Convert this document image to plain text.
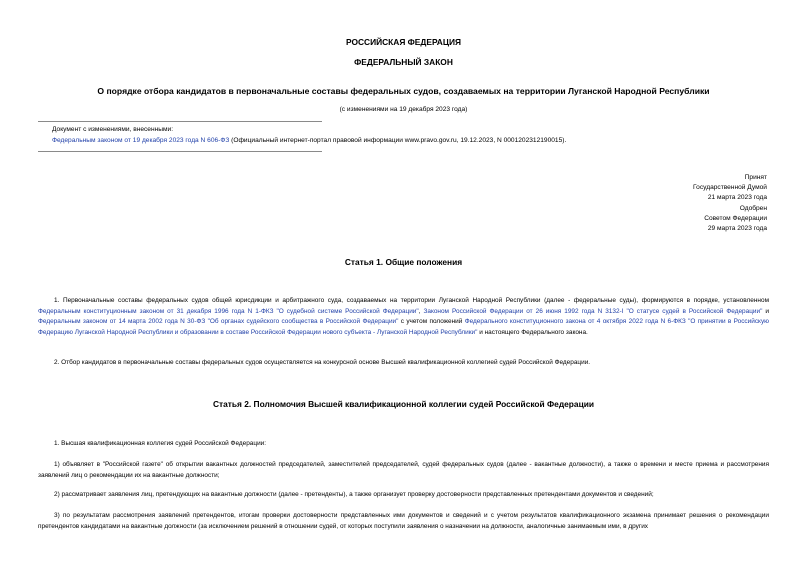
РОССИЙСКАЯ ФЕДЕРАЦИЯ
ФЕДЕРАЛЬНЫЙ ЗАКОН
О порядке отбора кандидатов в первоначальные составы федеральных судов, создаваемых на территории Луганской Народной Республики
(с изменениями на 19 декабря 2023 года)
Документ с изменениями, внесенными:
Федеральным законом от 19 декабря 2023 года N 606-ФЗ (Официальный интернет-портал правовой информации www.pravo.gov.ru, 19.12.2023, N 0001202312190015).
Принят
Государственной Думой
21 марта 2023 года
Одобрен
Советом Федерации
29 марта 2023 года
Статья 1. Общие положения
1. Первоначальные составы федеральных судов общей юрисдикции и арбитражного суда, создаваемых на территории Луганской Народной Республики (далее - федеральные суды), формируются в порядке, установленном Федеральным конституционным законом от 31 декабря 1996 года N 1-ФКЗ "О судебной системе Российской Федерации", Законом Российской Федерации от 26 июня 1992 года N 3132-I "О статусе судей в Российской Федерации" и Федеральным законом от 14 марта 2002 года N 30-ФЗ "Об органах судейского сообщества в Российской Федерации" с учетом положений Федерального конституционного закона от 4 октября 2022 года N 6-ФКЗ "О принятии в Российскую Федерацию Луганской Народной Республики и образовании в составе Российской Федерации нового субъекта - Луганской Народной Республики" и настоящего Федерального закона.
2. Отбор кандидатов в первоначальные составы федеральных судов осуществляется на конкурсной основе Высшей квалификационной коллегией судей Российской Федерации.
Статья 2. Полномочия Высшей квалификационной коллегии судей Российской Федерации
1. Высшая квалификационная коллегия судей Российской Федерации:
1) объявляет в "Российской газете" об открытии вакантных должностей председателей, заместителей председателей, судей федеральных судов (далее - вакантные должности), а также о времени и месте приема и рассмотрения заявлений лиц о рекомендации их на вакантные должности;
2) рассматривает заявления лиц, претендующих на вакантные должности (далее - претенденты), а также организует проверку достоверности представленных претендентами документов и сведений;
3) по результатам рассмотрения заявлений претендентов, итогам проверки достоверности представленных ими документов и сведений и с учетом результатов квалификационного экзамена принимает решения о рекомендации претендентов кандидатами на вакантные должности (за исключением решений в отношении судей, от которых поступили заявления о назначении на должности, аналогичные занимаемым ими, в других
